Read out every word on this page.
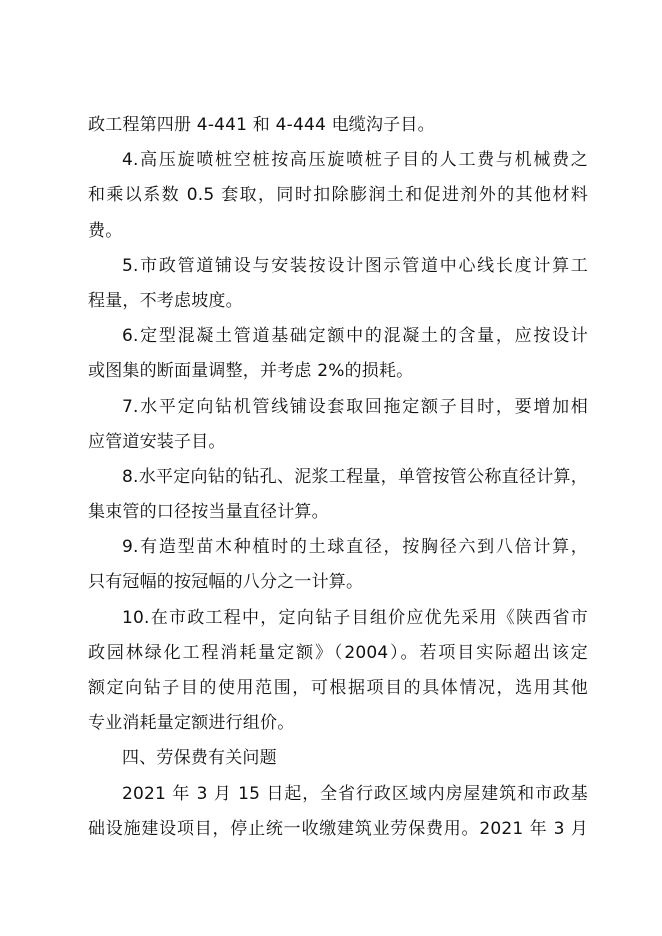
政工程第四册 4-441 和 4-444 电缆沟子目。
4.高压旋喷桩空桩按高压旋喷桩子目的人工费与机械费之
和乘以系数 0.5 套取，同时扣除膨润土和促进剂外的其他材料
费。
5.市政管道铺设与安装按设计图示管道中心线长度计算工
程量，不考虑坡度。
6.定型混凝土管道基础定额中的混凝土的含量，应按设计
或图集的断面量调整，并考虑 2%的损耗。
7.水平定向钻机管线铺设套取回拖定额子目时，要增加相
应管道安装子目。
8.水平定向钻的钻孔、泥浆工程量，单管按管公称直径计算，
集束管的口径按当量直径计算。
9.有造型苗木种植时的土球直径，按胸径六到八倍计算，
只有冠幅的按冠幅的八分之一计算。
10.在市政工程中，定向钻子目组价应优先采用《陕西省市
政园林绿化工程消耗量定额》（2004）。若项目实际超出该定
额定向钻子目的使用范围，可根据项目的具体情况，选用其他
专业消耗量定额进行组价。
四、劳保费有关问题
2021 年 3 月 15 日起，全省行政区域内房屋建筑和市政基
础设施建设项目，停止统一收缴建筑业劳保费用。2021 年 3 月
